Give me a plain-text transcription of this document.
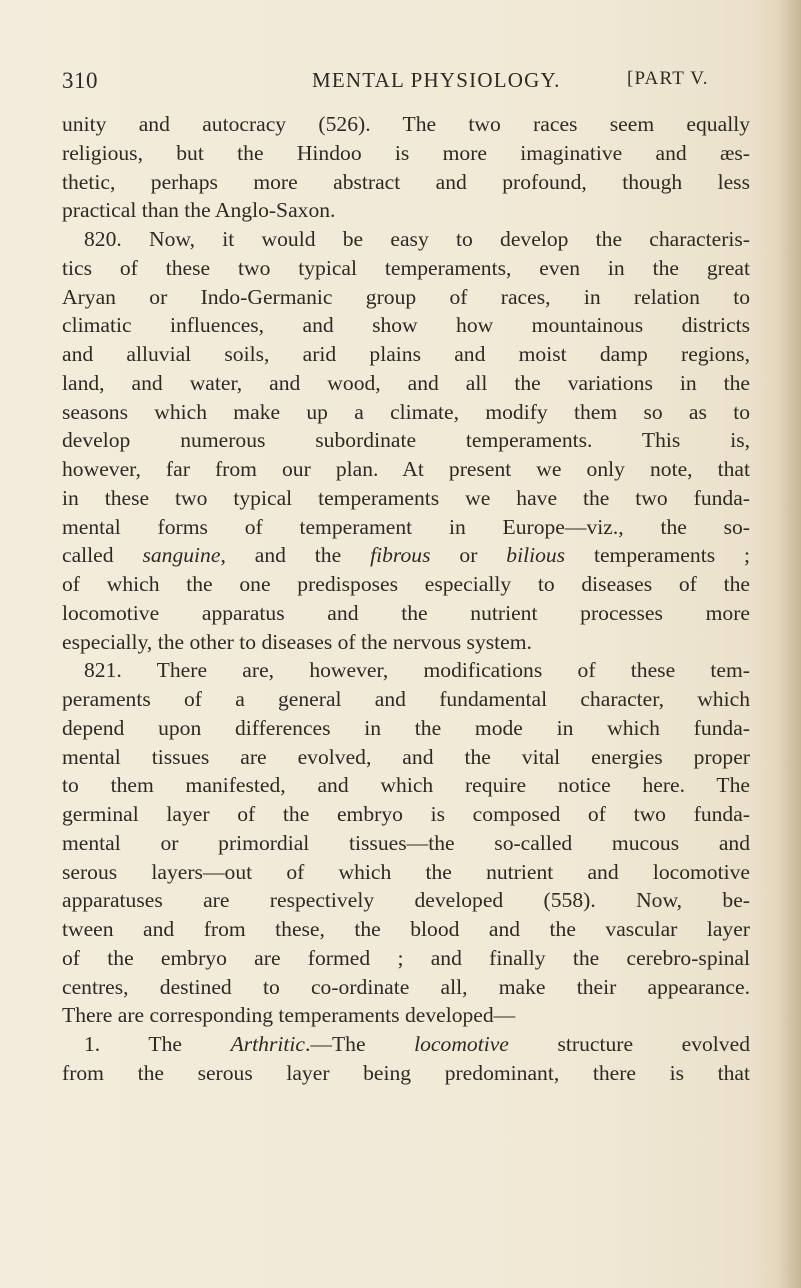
310	MENTAL PHYSIOLOGY.	[PART V.
unity and autocracy (526). The two races seem equally
religious, but the Hindoo is more imaginative and æs-
thetic, perhaps more abstract and profound, though less
practical than the Anglo-Saxon.
820. Now, it would be easy to develop the characteris-
tics of these two typical temperaments, even in the great
Aryan or Indo-Germanic group of races, in relation to
climatic influences, and show how mountainous districts
and alluvial soils, arid plains and moist damp regions,
land, and water, and wood, and all the variations in the
seasons which make up a climate, modify them so as to
develop numerous subordinate temperaments. This is,
however, far from our plan. At present we only note, that
in these two typical temperaments we have the two funda-
mental forms of temperament in Europe—viz., the so-
called sanguine, and the fibrous or bilious temperaments ;
of which the one predisposes especially to diseases of the
locomotive apparatus and the nutrient processes more
especially, the other to diseases of the nervous system.
821. There are, however, modifications of these tem-
peraments of a general and fundamental character, which
depend upon differences in the mode in which funda-
mental tissues are evolved, and the vital energies proper
to them manifested, and which require notice here. The
germinal layer of the embryo is composed of two funda-
mental or primordial tissues—the so-called mucous and
serous layers—out of which the nutrient and locomotive
apparatuses are respectively developed (558). Now, be-
tween and from these, the blood and the vascular layer
of the embryo are formed ; and finally the cerebro-spinal
centres, destined to co-ordinate all, make their appearance.
There are corresponding temperaments developed—
1. The Arthritic.—The locomotive structure evolved
from the serous layer being predominant, there is that
